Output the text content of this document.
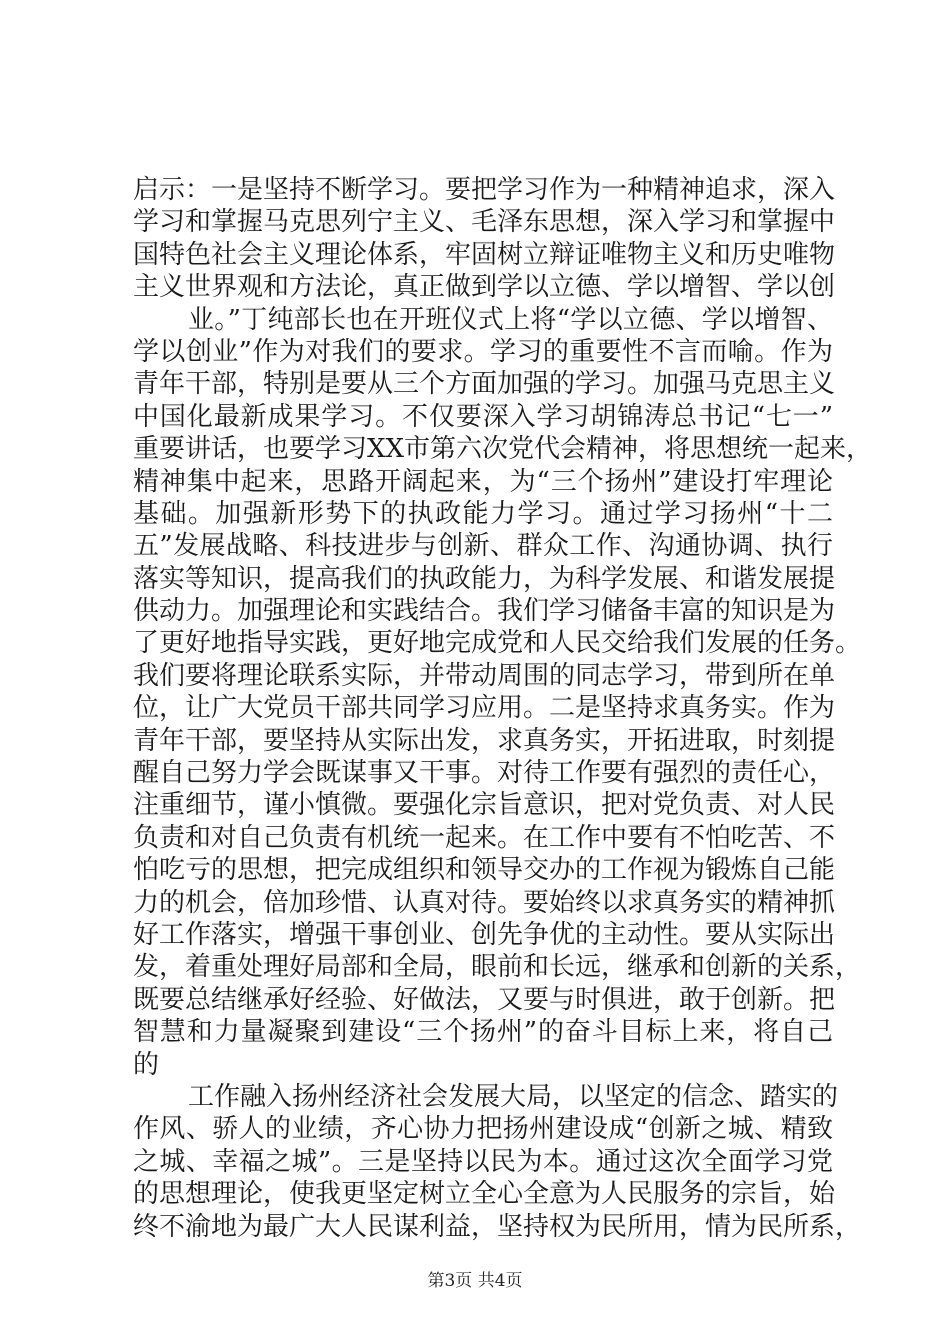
启示：一是坚持不断学习。要把学习作为一种精神追求，深入
学习和掌握马克思列宁主义、毛泽东思想，深入学习和掌握中
国特色社会主义理论体系，牢固树立辩证唯物主义和历史唯物
主义世界观和方法论，真正做到学以立德、学以增智、学以创
业。”丁纯部长也在开班仪式上将“学以立德、学以增智、
学以创业”作为对我们的要求。学习的重要性不言而喻。作为
青年干部，特别是要从三个方面加强的学习。加强马克思主义
中国化最新成果学习。不仅要深入学习胡锦涛总书记“七一”
重要讲话，也要学习XX市第六次党代会精神，将思想统一起来，
精神集中起来，思路开阔起来，为“三个扬州”建设打牢理论
基础。加强新形势下的执政能力学习。通过学习扬州“十二
五”发展战略、科技进步与创新、群众工作、沟通协调、执行
落实等知识，提高我们的执政能力，为科学发展、和谐发展提
供动力。加强理论和实践结合。我们学习储备丰富的知识是为
了更好地指导实践，更好地完成党和人民交给我们发展的任务。
我们要将理论联系实际，并带动周围的同志学习，带到所在单
位，让广大党员干部共同学习应用。二是坚持求真务实。作为
青年干部，要坚持从实际出发，求真务实，开拓进取，时刻提
醒自己努力学会既谋事又干事。对待工作要有强烈的责任心，
注重细节，谨小慎微。要强化宗旨意识，把对党负责、对人民
负责和对自己负责有机统一起来。在工作中要有不怕吃苦、不
怕吃亏的思想，把完成组织和领导交办的工作视为锻炼自己能
力的机会，倍加珍惜、认真对待。要始终以求真务实的精神抓
好工作落实，增强干事创业、创先争优的主动性。要从实际出
发，着重处理好局部和全局，眼前和长远，继承和创新的关系，
既要总结继承好经验、好做法，又要与时俱进，敢于创新。把
智慧和力量凝聚到建设“三个扬州”的奋斗目标上来，将自己
的
工作融入扬州经济社会发展大局，以坚定的信念、踏实的
作风、骄人的业绩，齐心协力把扬州建设成“创新之城、精致
之城、幸福之城”。三是坚持以民为本。通过这次全面学习党
的思想理论，使我更坚定树立全心全意为人民服务的宗旨，始
终不渝地为最广大人民谋利益，坚持权为民所用，情为民所系，
第3页 共4页
